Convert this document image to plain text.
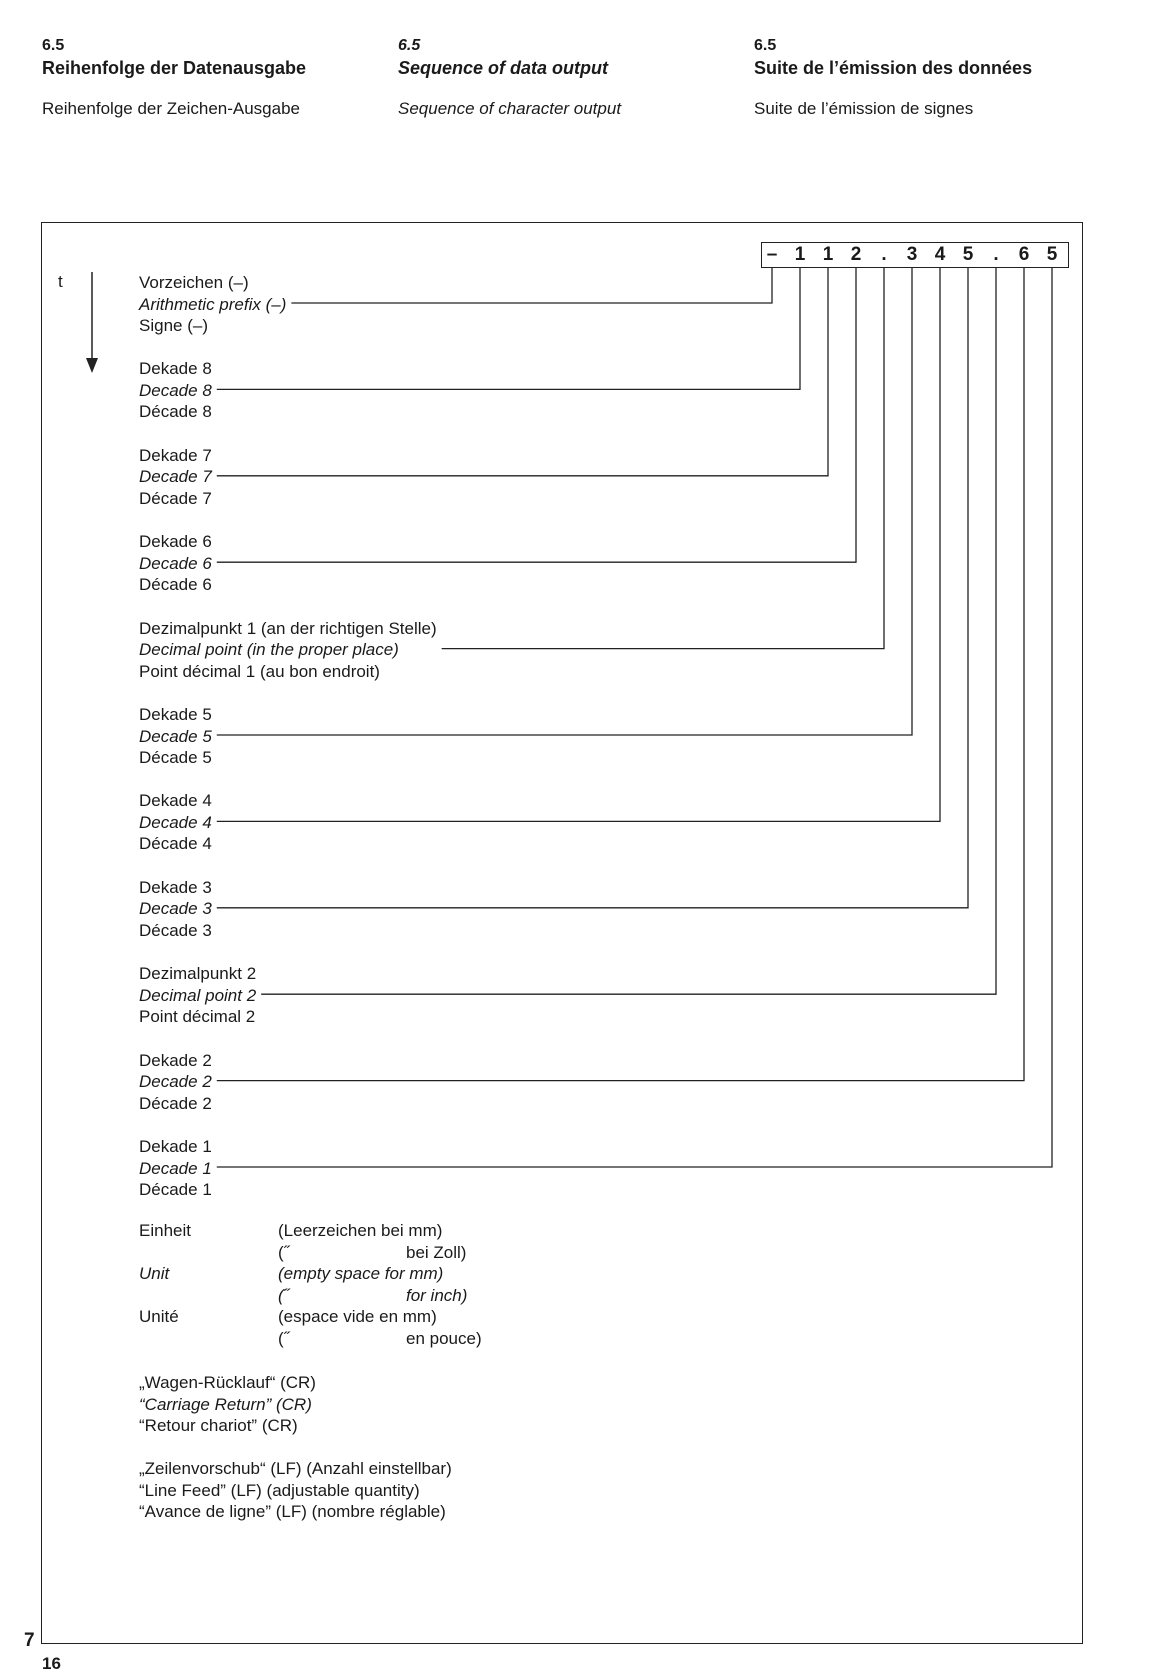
6.5
Reihenfolge der Datenausgabe
Reihenfolge der Zeichen-Ausgabe
6.5
Sequence of data output
Sequence of character output
6.5
Suite de l’émission des données
Suite de l’émission de signes
– 1 1 2	.	3 4 5	.	6 5
t	Vorzeichen (–)
Arithmetic prefix (–)
Signe (–)
Dekade 8
Decade 8
Décade 8
Dekade 7
Decade 7
Décade 7
Dekade 6
Decade 6
Décade 6
Dezimalpunkt 1 (an der richtigen Stelle)
Decimal point (in the proper place)
Point décimal 1 (au bon endroit)
Dekade 5
Decade 5
Décade 5
Dekade 4
Decade 4
Décade 4
Dekade 3
Decade 3
Décade 3
Dezimalpunkt 2
Decimal point 2
Point décimal 2
Dekade 2
Decade 2
Décade 2
Dekade 1
Decade 1
Décade 1
Einheit	(Leerzeichen bei mm)
(˝	bei Zoll)
Unit	(empty space for mm)
(˝	for inch)
Unité	(espace vide en mm)
(˝	en pouce)
„Wagen-Rücklauf“ (CR)
“Carriage Return” (CR)
“Retour chariot” (CR)
„Zeilenvorschub“ (LF) (Anzahl einstellbar)
“Line Feed” (LF) (adjustable quantity)
“Avance de ligne” (LF) (nombre réglable)
7
16
